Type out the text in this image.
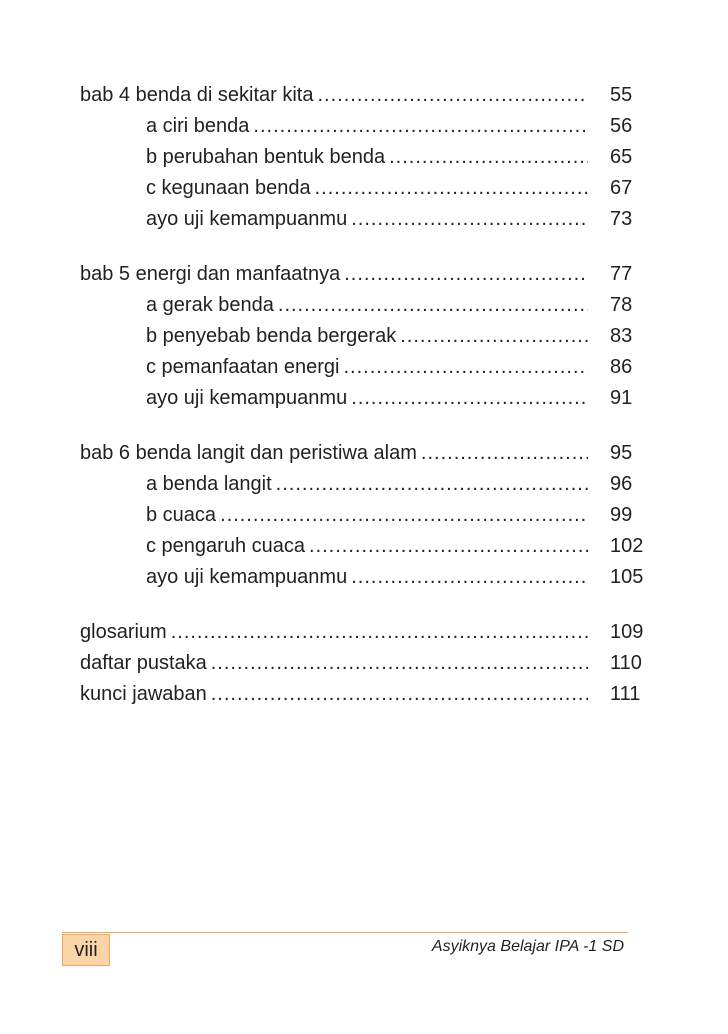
bab 4 benda di sekitar kita .....	55
a ciri benda .....	56
b perubahan bentuk benda .....	65
c kegunaan benda .....	67
ayo uji kemampuanmu .....	73
bab 5 energi dan manfaatnya .....	77
a gerak benda .....	78
b penyebab benda bergerak .....	83
c pemanfaatan energi .....	86
ayo uji kemampuanmu .....	91
bab 6 benda langit dan peristiwa alam .....	95
a benda langit .....	96
b cuaca .....	99
c pengaruh cuaca .....	102
ayo uji kemampuanmu .....	105
glosarium .....	109
daftar pustaka .....	110
kunci jawaban .....	111
viii	Asyiknya Belajar IPA -1 SD
